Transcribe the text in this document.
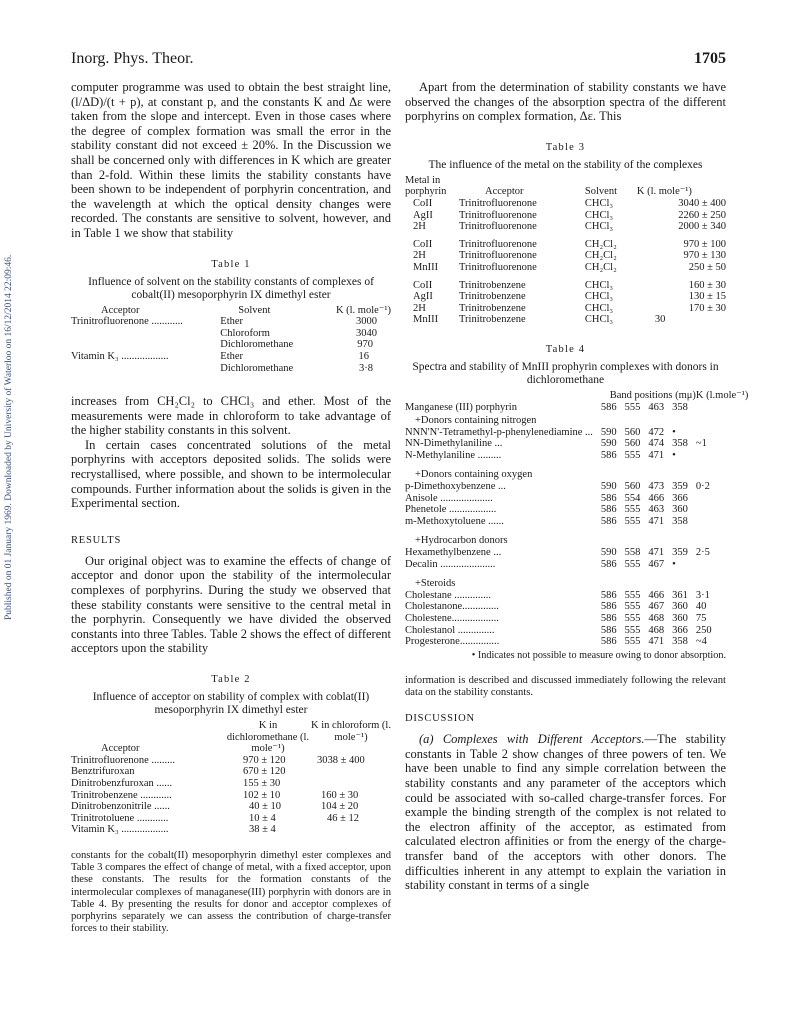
Published on 01 January 1969. Downloaded by University of Waterloo on 16/12/2014 22:09:46.
Inorg. Phys. Theor.	1705

computer programme was used to obtain the best straight line, (l/ΔD)/(t + p), at constant p, and the constants K and Δε were taken from the slope and intercept. Even in those cases where the degree of complex formation was small the error in the stability constant did not exceed ± 20%. In the Discussion we shall be concerned only with differences in K which are greater than 2-fold. Within these limits the stability constants have been shown to be independent of porphyrin concentration, and the wavelength at which the optical density changes were recorded. The constants are sensitive to solvent, however, and in Table 1 we show that stability

Table 1
Influence of solvent on the stability constants of complexes of cobalt(II) mesoporphyrin IX dimethyl ester
Acceptor	Solvent	K (l. mole⁻¹)
Trinitrofluorenone ............	Ether	3000
	Chloroform	3040
	Dichloromethane	970
Vitamin K₃ ..................	Ether	16
	Dichloromethane	3·8

increases from CH₂Cl₂ to CHCl₃ and ether. Most of the measurements were made in chloroform to take advantage of the higher stability constants in this solvent.

In certain cases concentrated solutions of the metal porphyrins with acceptors deposited solids. The solids were recrystallised, where possible, and shown to be intermolecular compounds. Further information about the solids is given in the Experimental section.

RESULTS

Our original object was to examine the effects of change of acceptor and donor upon the stability of the intermolecular complexes of porphyrins. During the study we observed that these stability constants were sensitive to the central metal in the porphyrin. Consequently we have divided the observed constants into three Tables. Table 2 shows the effect of different acceptors upon the stability

Table 2
Influence of acceptor on stability of complex with coblat(II) mesoporphyrin IX dimethyl ester
Acceptor	K in dichloromethane (l. mole⁻¹)	K in chloroform (l. mole⁻¹)
Trinitrofluorenone .........	970 ± 120	3038 ± 400
Benztrifuroxan	670 ± 120	
Dinitrobenzfuroxan ......	155 ± 30	
Trinitrobenzene ............	102 ± 10	160 ± 30
Dinitrobenzonitrile ......	40 ± 10	104 ± 20
Trinitrotoluene ............	10 ± 4	46 ± 12
Vitamin K₃ ..................	38 ± 4	

constants for the cobalt(II) mesoporphyrin dimethyl ester complexes and Table 3 compares the effect of change of metal, with a fixed acceptor, upon these constants. The results for the formation constants of the intermolecular complexes of managanese(III) porphyrin with donors are in Table 4. By presenting the results for donor and acceptor complexes of porphyrins separately we can assess the contribution of charge-transfer forces to their stability.

Apart from the determination of stability constants we have observed the changes of the absorption spectra of the different porphyrins on complex formation, Δε. This

Table 3
The influence of the metal on the stability of the complexes
Metal in porphyrin	Acceptor	Solvent	K (l. mole⁻¹)
CoII	Trinitrofluorenone	CHCl₃	3040 ± 400
AgII	Trinitrofluorenone	CHCl₃	2260 ± 250
2H	Trinitrofluorenone	CHCl₃	2000 ± 340
CoII	Trinitrofluorenone	CH₂Cl₂	970 ± 100
2H	Trinitrofluorenone	CH₂Cl₂	970 ± 130
MnIII	Trinitrofluorenone	CH₂Cl₂	250 ± 50
CoII	Trinitrobenzene	CHCl₃	160 ± 30
AgII	Trinitrobenzene	CHCl₃	130 ± 15
2H	Trinitrobenzene	CHCl₃	170 ± 30
MnIII	Trinitrobenzene	CHCl₃	30
Table 4
Spectra and stability of MnIII prophyrin complexes with donors in dichloromethane
	Band positions (mμ)				K (l.mole⁻¹)
Manganese (III) porphyrin	586	555	463	358	
+Donors containing nitrogen					
NNN'N'-Tetramethyl-p-phenylenediamine ...	590	560	472	•	
NN-Dimethylaniline ...	590	560	474	358	~1
N-Methylaniline .........	586	555	471	•	
+Donors containing oxygen					
p-Dimethoxybenzene ...	590	560	473	359	0·2
Anisole ....................	586	554	466	366	
Phenetole ..................	586	555	463	360	
m-Methoxytoluene ......	586	555	471	358	
+Hydrocarbon donors					
Hexamethylbenzene ...	590	558	471	359	2·5
Decalin .....................	586	555	467	•	
+Steroids					
Cholestane ..............	586	555	466	361	3·1
Cholestanone..............	586	555	467	360	40
Cholestene..................	586	555	468	360	75
Cholestanol ..............	586	555	468	366	250
Progesterone...............	586	555	471	358	~4
• Indicates not possible to measure owing to donor absorption.

information is described and discussed immediately following the relevant data on the stability constants.

DISCUSSION

(a) Complexes with Different Acceptors.—The stability constants in Table 2 show changes of three powers of ten. We have been unable to find any simple correlation between the stability constants and any parameter of the acceptors which could be associated with so-called charge-transfer forces. For example the binding strength of the complex is not related to the electron affinity of the acceptor, as estimated from calculated electron affinities or from the energy of the charge-transfer band of the acceptors with other donors. The difficulties inherent in any attempt to explain the variation in stability constant in terms of a single
